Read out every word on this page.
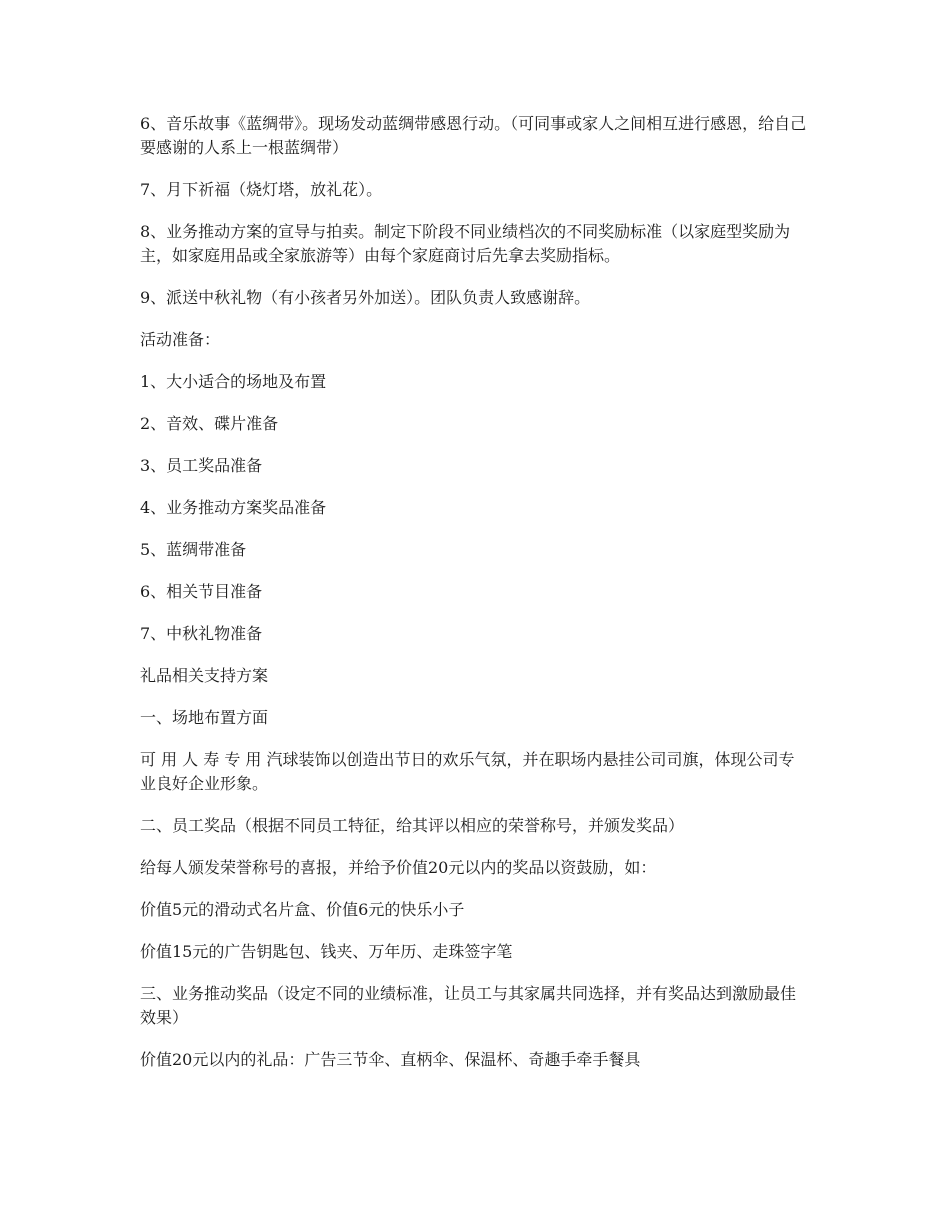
6、音乐故事《蓝绸带》。现场发动蓝绸带感恩行动。（可同事或家人之间相互进行感恩，给自己要感谢的人系上一根蓝绸带）

7、月下祈福（烧灯塔，放礼花）。

8、业务推动方案的宣导与拍卖。制定下阶段不同业绩档次的不同奖励标准（以家庭型奖励为主，如家庭用品或全家旅游等）由每个家庭商讨后先拿去奖励指标。

9、派送中秋礼物（有小孩者另外加送）。团队负责人致感谢辞。

活动准备：

1、大小适合的场地及布置

2、音效、碟片准备

3、员工奖品准备

4、业务推动方案奖品准备

5、蓝绸带准备

6、相关节目准备

7、中秋礼物准备

礼品相关支持方案

一、场地布置方面

可 用 人 寿 专 用 汽球装饰以创造出节日的欢乐气氛，并在职场内悬挂公司司旗，体现公司专业良好企业形象。

二、员工奖品（根据不同员工特征，给其评以相应的荣誉称号，并颁发奖品）

给每人颁发荣誉称号的喜报，并给予价值20元以内的奖品以资鼓励，如：

价值5元的滑动式名片盒、价值6元的快乐小子

价值15元的广告钥匙包、钱夹、万年历、走珠签字笔

三、业务推动奖品（设定不同的业绩标准，让员工与其家属共同选择，并有奖品达到激励最佳效果）

价值20元以内的礼品：广告三节伞、直柄伞、保温杯、奇趣手牵手餐具
